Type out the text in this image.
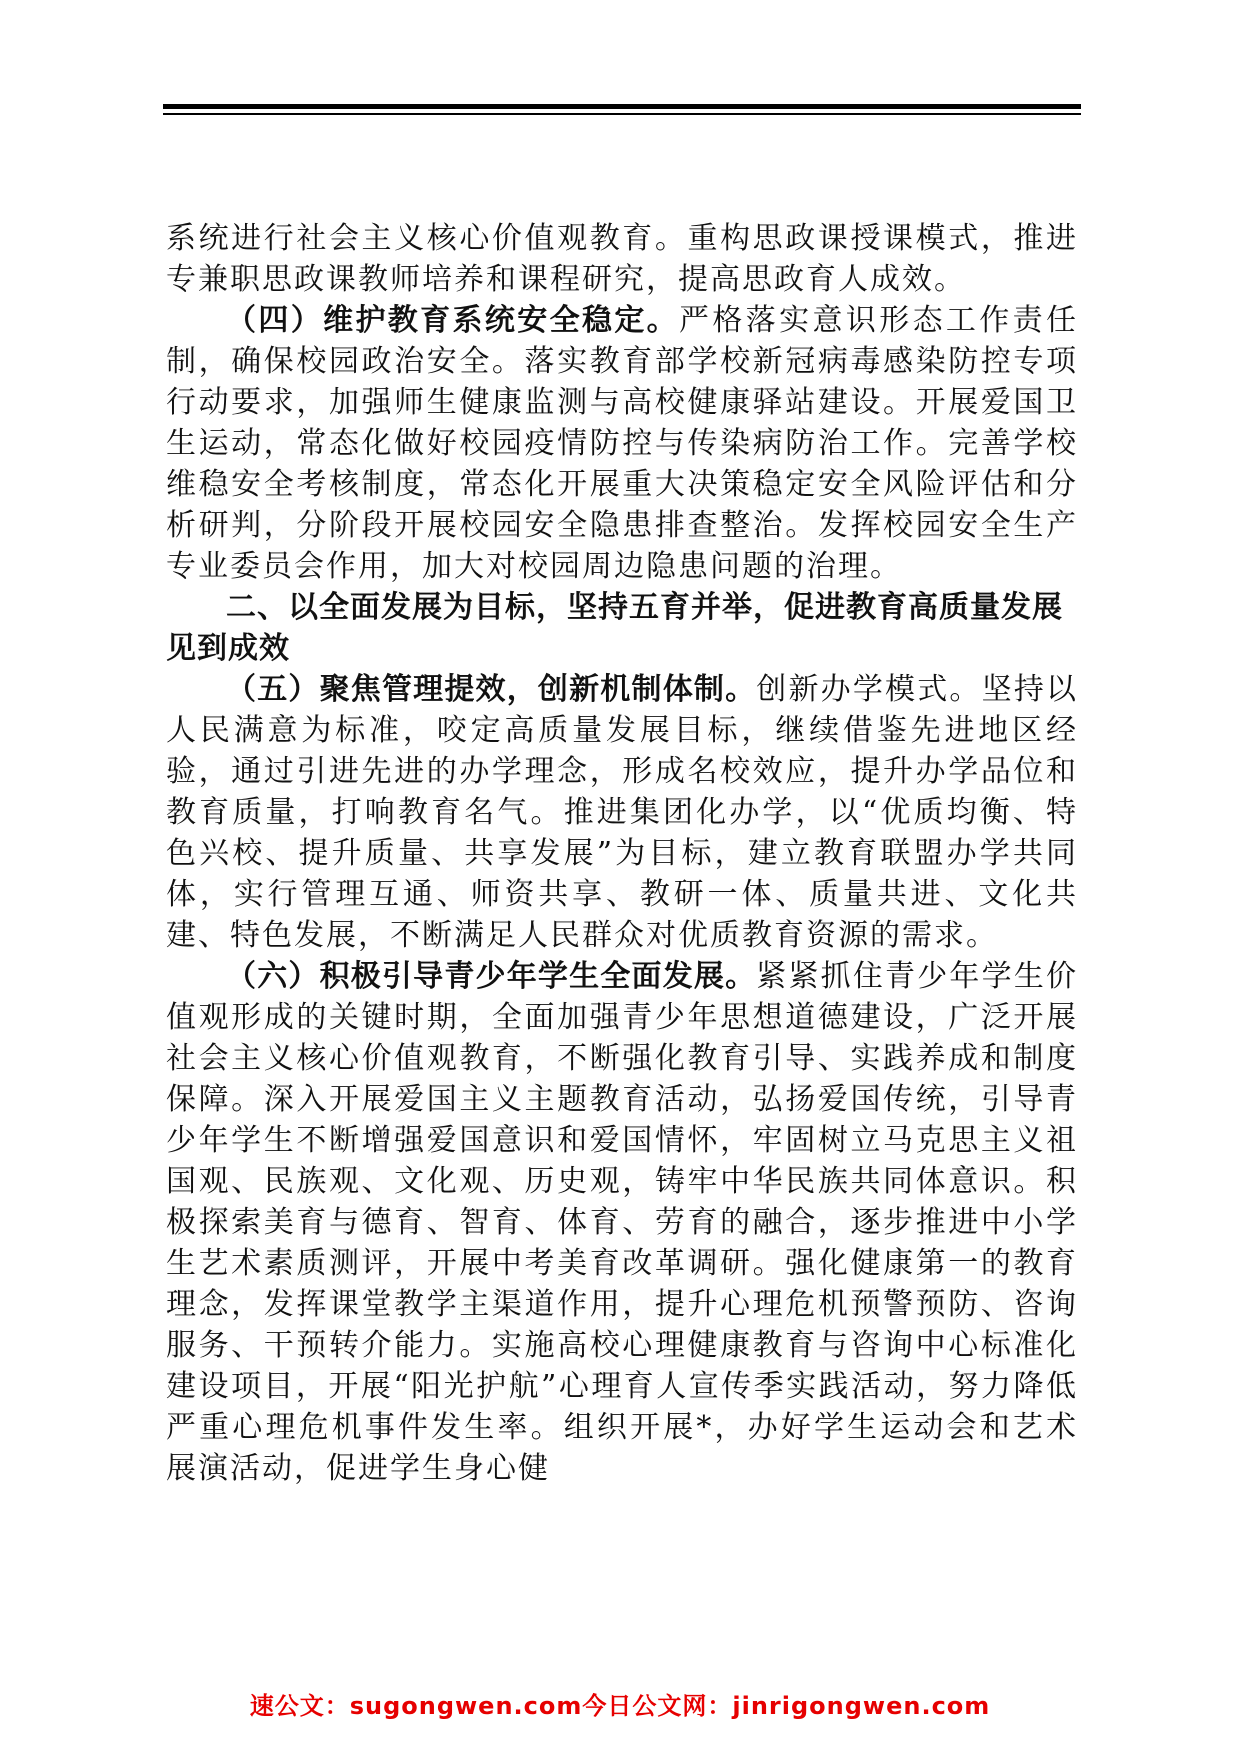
系统进行社会主义核心价值观教育。重构思政课授课模式，推进专兼职思政课教师培养和课程研究，提高思政育人成效。

（四）维护教育系统安全稳定。严格落实意识形态工作责任制，确保校园政治安全。落实教育部学校新冠病毒感染防控专项行动要求，加强师生健康监测与高校健康驿站建设。开展爱国卫生运动，常态化做好校园疫情防控与传染病防治工作。完善学校维稳安全考核制度，常态化开展重大决策稳定安全风险评估和分析研判，分阶段开展校园安全隐患排查整治。发挥校园安全生产专业委员会作用，加大对校园周边隐患问题的治理。

二、以全面发展为目标，坚持五育并举，促进教育高质量发展见到成效

（五）聚焦管理提效，创新机制体制。创新办学模式。坚持以人民满意为标准，咬定高质量发展目标，继续借鉴先进地区经验，通过引进先进的办学理念，形成名校效应，提升办学品位和教育质量，打响教育名气。推进集团化办学，以“优质均衡、特色兴校、提升质量、共享发展”为目标，建立教育联盟办学共同体，实行管理互通、师资共享、教研一体、质量共进、文化共建、特色发展，不断满足人民群众对优质教育资源的需求。

（六）积极引导青少年学生全面发展。紧紧抓住青少年学生价值观形成的关键时期，全面加强青少年思想道德建设，广泛开展社会主义核心价值观教育，不断强化教育引导、实践养成和制度保障。深入开展爱国主义主题教育活动，弘扬爱国传统，引导青少年学生不断增强爱国意识和爱国情怀，牢固树立马克思主义祖国观、民族观、文化观、历史观，铸牢中华民族共同体意识。积极探索美育与德育、智育、体育、劳育的融合，逐步推进中小学生艺术素质测评，开展中考美育改革调研。强化健康第一的教育理念，发挥课堂教学主渠道作用，提升心理危机预警预防、咨询服务、干预转介能力。实施高校心理健康教育与咨询中心标准化建设项目，开展“阳光护航”心理育人宣传季实践活动，努力降低严重心理危机事件发生率。组织开展*，办好学生运动会和艺术展演活动，促进学生身心健

速公文：sugongwen.com今日公文网：jinrigongwen.com
